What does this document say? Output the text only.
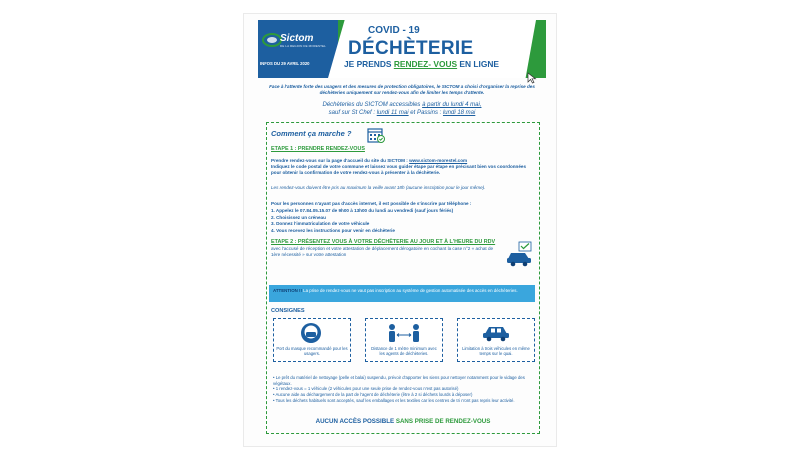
Sictom
DE LA REGION DE MORESTEL
INFOS DU 29 AVRIL 2020
COVID - 19
DÉCHÈTERIE
JE PRENDS RENDEZ- VOUS EN LIGNE
Face à l'attente forte des usagers et des mesures de protection obligatoires, le SICTOM a choisi d'organiser la reprise des déchèteries uniquement sur rendez-vous afin de limiter les temps d'attente.
Déchèteries du SICTOM accessibles à partir du lundi 4 mai,
sauf sur St Chef : lundi 11 mai et Passins : lundi 18 mai
Comment ça marche ?
ETAPE 1 : PRENDRE RENDEZ-VOUS
Prendre rendez-vous sur la page d'accueil du site du SICTOM : www.sictom-morestel.com
Indiquez le code postal de votre commune et laissez vous guider étape par étape en précisant bien vos coordonnées pour obtenir la confirmation de votre rendez-vous à présenter à la déchèterie.
Les rendez-vous doivent être pris au maximum la veille avant 18h (aucune inscription pour le jour même).
Pour les personnes n'ayant pas d'accès internet, il est possible de s'inscrire par téléphone :
1. Appelez le 07.84.05.15.07 de 9h00 à 13h00 du lundi au vendredi (sauf jours fériés)
2. Choisissez un créneau
3. Donnez l'immatriculation de votre véhicule
4. Vous recevez les instructions pour venir en déchèterie
ETAPE 2 : PRÉSENTEZ VOUS À VOTRE DÉCHÈTERIE AU JOUR ET À L'HEURE DU RDV
avec l'accusé de réception et votre attestation de déplacement dérogatoire en cochant la case n°2 « achat de 1ère nécessité » sur votre attestation
ATTENTION !! La prise de rendez-vous ne vaut pas inscription au système de gestion automatisée des accès en déchèteries.
CONSIGNES
Port du masque recommandé pour les usagers.
Distance de 1 mètre minimum avec les agents de déchèteries.
Limitation à trois véhicules en même temps sur le quai.
• Le prêt du matériel de nettoyage (pelle et balai) suspendu, prévoir d'apporter les siens pour nettoyer notamment pour le vidage des végétaux.
• 1 rendez-vous = 1 véhicule (2 véhicules pour une seule prise de rendez-vous n'est pas autorisé)
• Aucune aide au déchargement de la part de l'agent de déchèterie (être à 2 si déchets lourds à déposer)
• Tous les déchets habituels sont acceptés, sauf les emballages et les textiles car les centres de tri n'ont pas repris leur activité.
AUCUN ACCÈS POSSIBLE SANS PRISE DE RENDEZ-VOUS
